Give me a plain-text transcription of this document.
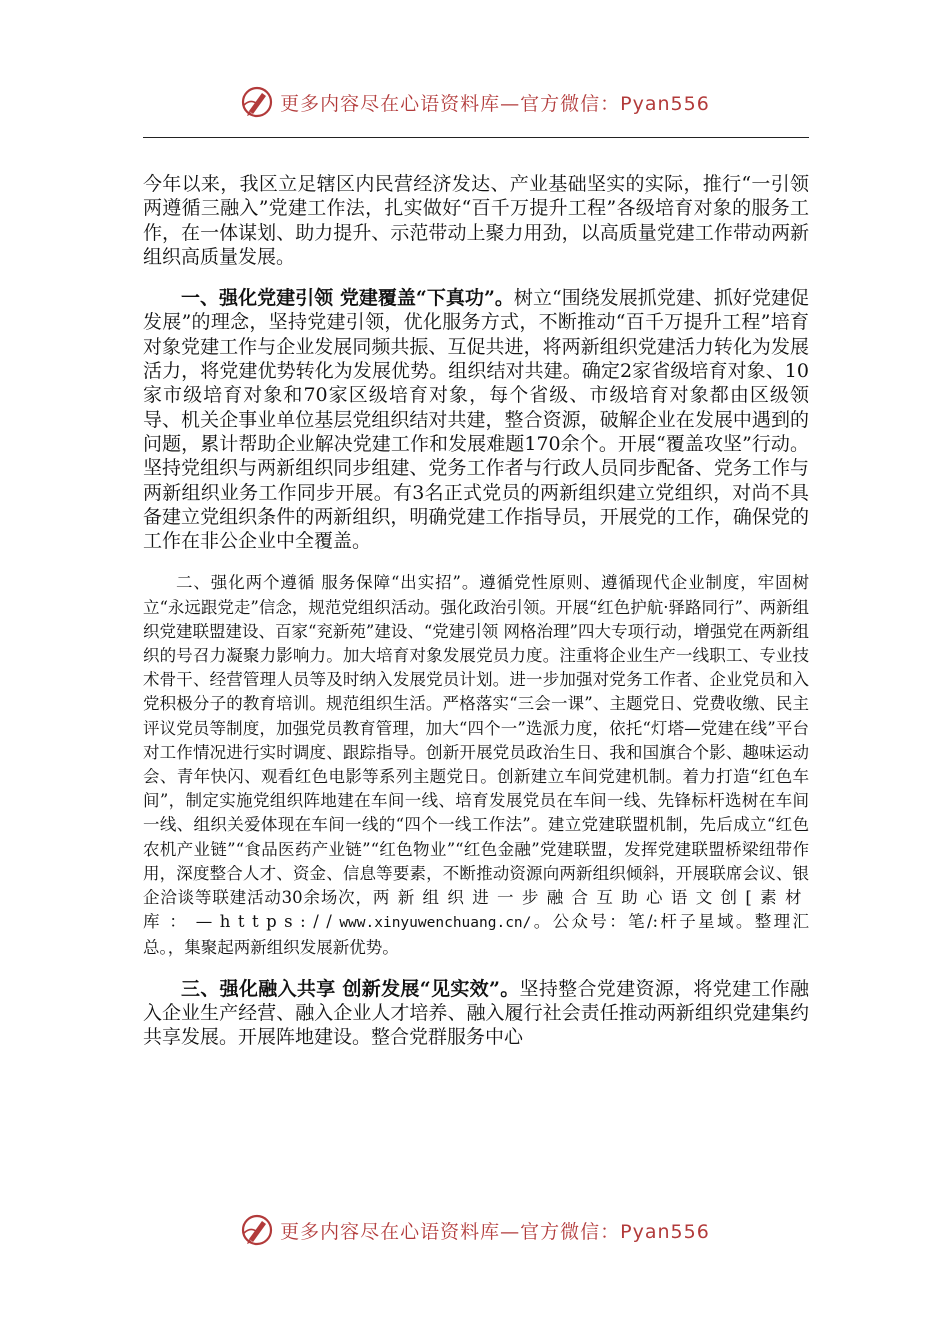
更多内容尽在心语资料库—官方微信：Pyan556

今年以来，我区立足辖区内民营经济发达、产业基础坚实的实际，推行“一引领两遵循三融入”党建工作法，扎实做好“百千万提升工程”各级培育对象的服务工作，在一体谋划、助力提升、示范带动上聚力用劲，以高质量党建工作带动两新组织高质量发展。

一、强化党建引领 党建覆盖“下真功”。树立“围绕发展抓党建、抓好党建促发展”的理念，坚持党建引领，优化服务方式，不断推动“百千万提升工程”培育对象党建工作与企业发展同频共振、互促共进，将两新组织党建活力转化为发展活力，将党建优势转化为发展优势。组织结对共建。确定2家省级培育对象、10家市级培育对象和70家区级培育对象，每个省级、市级培育对象都由区级领导、机关企事业单位基层党组织结对共建，整合资源，破解企业在发展中遇到的问题，累计帮助企业解决党建工作和发展难题170余个。开展“覆盖攻坚”行动。坚持党组织与两新组织同步组建、党务工作者与行政人员同步配备、党务工作与两新组织业务工作同步开展。有3名正式党员的两新组织建立党组织，对尚不具备建立党组织条件的两新组织，明确党建工作指导员，开展党的工作，确保党的工作在非公企业中全覆盖。

二、强化两个遵循 服务保障“出实招”。遵循党性原则、遵循现代企业制度，牢固树立“永远跟党走”信念，规范党组织活动。强化政治引领。开展“红色护航·驿路同行”、两新组织党建联盟建设、百家“兖新苑”建设、“党建引领 网格治理”四大专项行动，增强党在两新组织的号召力凝聚力影响力。加大培育对象发展党员力度。注重将企业生产一线职工、专业技术骨干、经营管理人员等及时纳入发展党员计划。进一步加强对党务工作者、企业党员和入党积极分子的教育培训。规范组织生活。严格落实“三会一课”、主题党日、党费收缴、民主评议党员等制度，加强党员教育管理，加大“四个一”选派力度，依托“灯塔—党建在线”平台对工作情况进行实时调度、跟踪指导。创新开展党员政治生日、我和国旗合个影、趣味运动会、青年快闪、观看红色电影等系列主题党日。创新建立车间党建机制。着力打造“红色车间”，制定实施党组织阵地建在车间一线、培育发展党员在车间一线、先锋标杆选树在车间一线、组织关爱体现在车间一线的“四个一线工作法”。建立党建联盟机制，先后成立“红色农机产业链”“食品医药产业链”“红色物业”“红色金融”党建联盟，发挥党建联盟桥梁纽带作用，深度整合人才、资金、信息等要素，不断推动资源向两新组织倾斜，开展联席会议、银企洽谈等联建活动30余场次，两新组织进一步融合互助心语文创[素材库：—https://www.xinyuwenchuang.cn/。公众号：笔/:杆子星域。整理汇总。，集聚起两新组织发展新优势。

三、强化融入共享 创新发展“见实效”。坚持整合党建资源，将党建工作融入企业生产经营、融入企业人才培养、融入履行社会责任推动两新组织党建集约共享发展。开展阵地建设。整合党群服务中心

更多内容尽在心语资料库—官方微信：Pyan556
